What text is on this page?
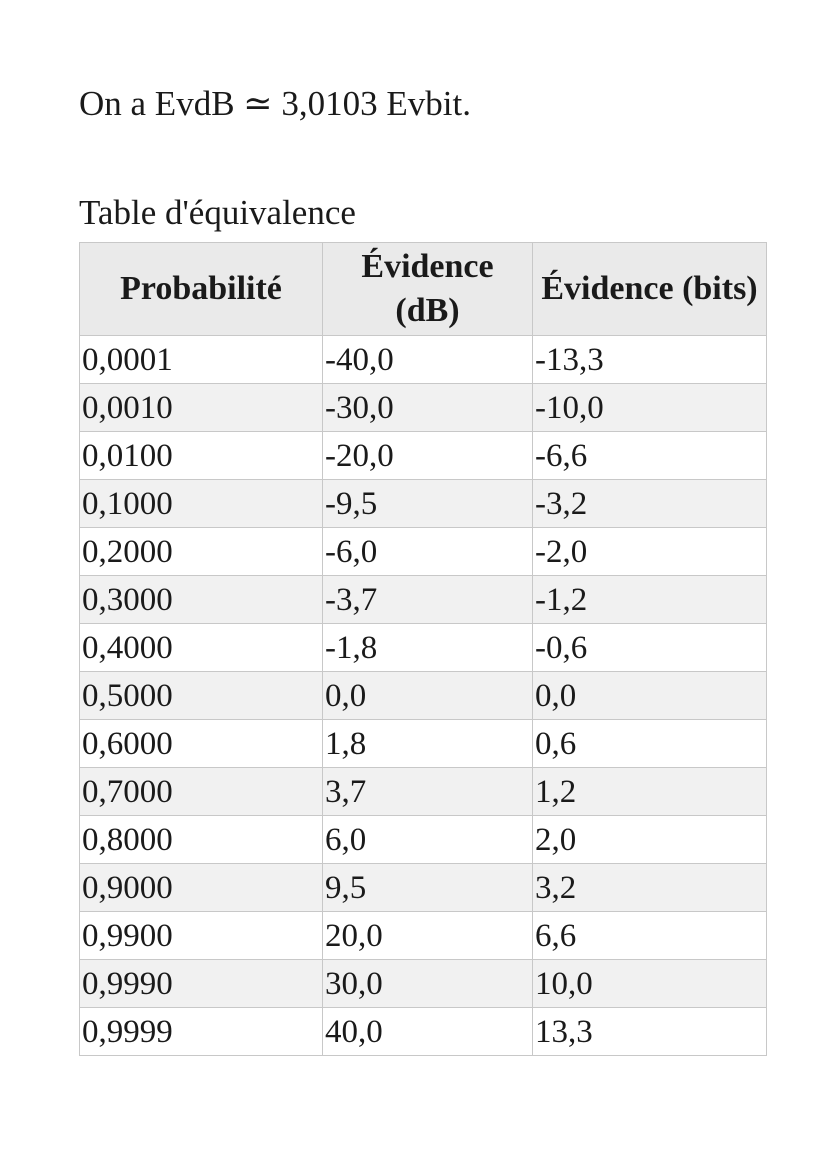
On a EvdB ≃ 3,0103 Evbit.

Table d'équivalence

Probabilité	Évidence (dB)	Évidence (bits)
0,0001	-40,0	-13,3
0,0010	-30,0	-10,0
0,0100	-20,0	-6,6
0,1000	-9,5	-3,2
0,2000	-6,0	-2,0
0,3000	-3,7	-1,2
0,4000	-1,8	-0,6
0,5000	0,0	0,0
0,6000	1,8	0,6
0,7000	3,7	1,2
0,8000	6,0	2,0
0,9000	9,5	3,2
0,9900	20,0	6,6
0,9990	30,0	10,0
0,9999	40,0	13,3
